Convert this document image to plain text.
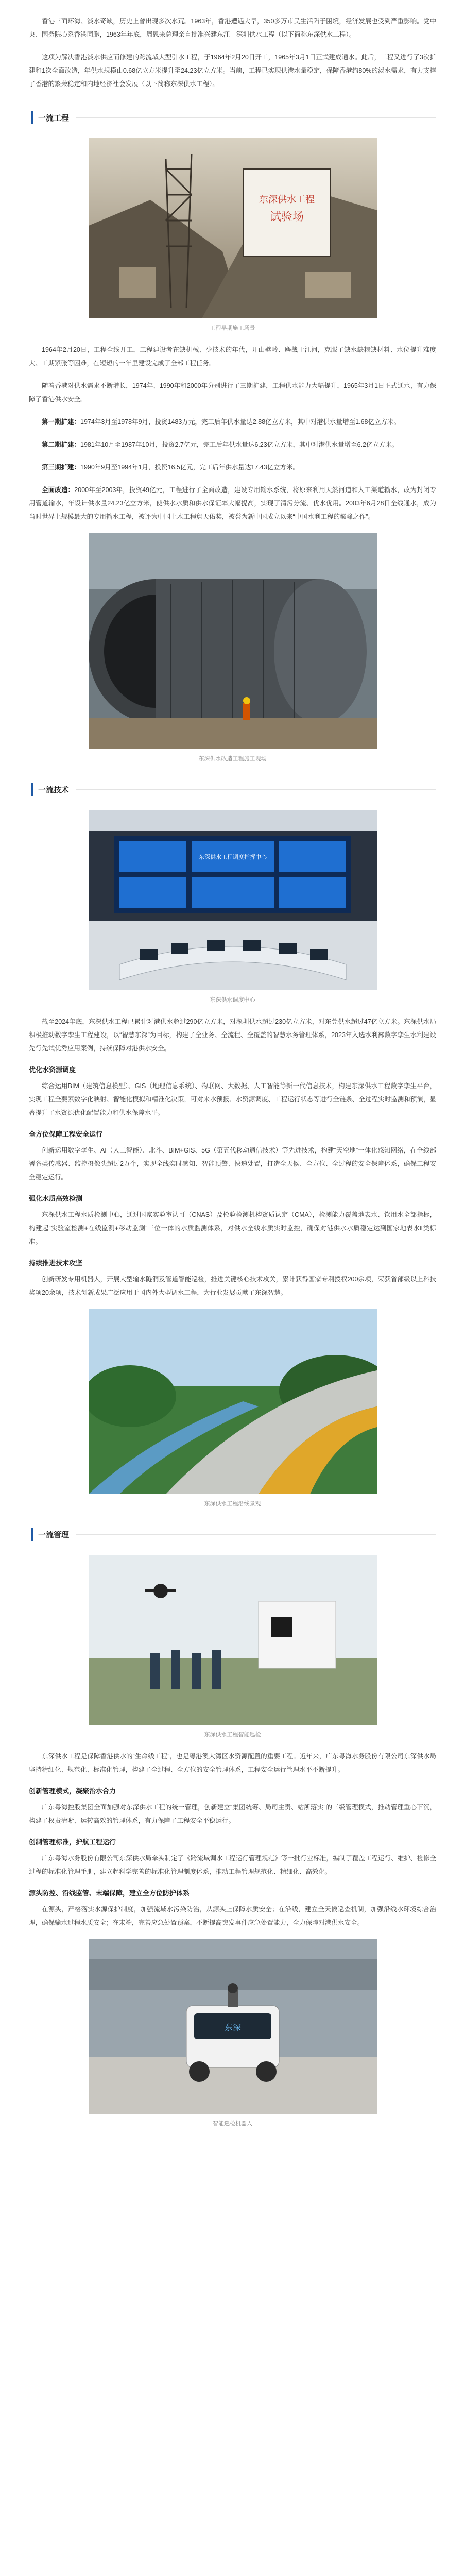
香港三面环海、淡水奇缺，历史上曾出现多次水荒。1963年，香港遭遇大旱，350多万市民生活陷于困境，经济发展也受到严重影响。党中央、国务院心系香港同胞，1963年年底，周恩来总理亲自批准兴建东江—深圳供水工程（以下简称东深供水工程）。

这项为解决香港淡水供应而修建的跨流域大型引水工程，于1964年2月20日开工，1965年3月1日正式建成通水。此后，工程又进行了3次扩建和1次全面改造，年供水规模由0.68亿立方米提升至24.23亿立方米。当前，工程已实现供港水量稳定，保障香港约80%的淡水需求，有力支撑了香港的繁荣稳定和内地经济社会发展（以下简称东深供水工程）。

一流工程
东深供水工程
试验场
工程早期施工场景

1964年2月20日，工程全线开工，工程建设者在缺机械、少技术的年代，开山劈岭、鏖战于江河，克服了缺水缺粮缺材料、水位提升难度大、工期紧张等困难，在短短的一年里建设完成了全部工程任务。

随着香港对供水需求不断增长，1974年、1990年和2000年分别进行了三期扩建，工程供水能力大幅提升，1965年3月1日正式通水，有力保障了香港供水安全。

第一期扩建：1974年3月至1978年9月，投资1483万元，完工后年供水量达2.88亿立方米，其中对港供水量增至1.68亿立方米。

第二期扩建：1981年10月至1987年10月，投资2.7亿元，完工后年供水量达6.23亿立方米，其中对港供水量增至6.2亿立方米。

第三期扩建：1990年9月至1994年1月，投资16.5亿元，完工后年供水量达17.43亿立方米。

全面改造：2000年至2003年，投资49亿元，工程进行了全面改造，建设专用输水系统，将原来利用天然河道和人工渠道输水，改为封闭专用管道输水，年设计供水量24.23亿立方米，使供水水质和供水保证率大幅提高，实现了清污分流、优水优用。2003年6月28日全线通水，成为当时世界上规模最大的专用输水工程，被评为中国土木工程詹天佑奖，被誉为新中国成立以来“中国水利工程的巅峰之作”。

东深供水改造工程施工现场
一流技术
东深供水工程调度指挥中心
东深供水调度中心

截至2024年底，东深供水工程已累计对港供水超过290亿立方米，对深圳供水超过230亿立方米，对东莞供水超过47亿立方米。东深供水局积极推动数字孪生工程建设，以“智慧东深”为目标，构建了全业务、全流程、全覆盖的智慧水务管理体系，2023年入选水利部数字孪生水利建设先行先试优秀应用案例，持续保障对港供水安全。

优化水资源调度

综合运用BIM（建筑信息模型）、GIS（地理信息系统）、物联网、大数据、人工智能等新一代信息技术，构建东深供水工程数字孪生平台，实现工程全要素数字化映射、智能化模拟和精准化决策，可对来水预报、水资源调度、工程运行状态等进行全链条、全过程实时监测和预演，显著提升了水资源优化配置能力和供水保障水平。

全方位保障工程安全运行

创新运用数字孪生、AI（人工智能）、北斗、BIM+GIS、5G（第五代移动通信技术）等先进技术，构建“天空地”一体化感知网络，在全线部署各类传感器、监控摄像头超过2万个，实现全线实时感知、智能预警、快速处置，打造全天候、全方位、全过程的安全保障体系，确保工程安全稳定运行。

强化水质高效检测

东深供水工程水质检测中心，通过国家实验室认可（CNAS）及检验检测机构资质认定（CMA），检测能力覆盖地表水、饮用水全部指标，构建起“实验室检测+在线监测+移动监测”三位一体的水质监测体系，对供水全线水质实时监控，确保对港供水水质稳定达到国家地表水Ⅱ类标准。

持续推进技术攻坚

创新研发专用机器人，开展大型输水隧洞及管道智能巡检，推进关键核心技术攻关，累计获得国家专利授权200余项，荣获省部级以上科技奖项20余项，技术创新成果广泛应用于国内外大型调水工程，为行业发展贡献了东深智慧。

东深供水工程沿线景观
一流管理
东深供水工程智能巡检

东深供水工程是保障香港供水的“生命线工程”，也是粤港澳大湾区水资源配置的重要工程。近年来，广东粤海水务股份有限公司东深供水局坚持精细化、规范化、标准化管理，构建了全过程、全方位的安全管理体系，工程安全运行管理水平不断提升。

创新管理模式，凝聚治水合力

广东粤海控股集团全面加强对东深供水工程的统一管理，创新建立“集团统筹、局司主责、站所落实”的三级管理模式，推动管理重心下沉，构建了权责清晰、运转高效的管理体系，有力保障了工程安全平稳运行。

创制管理标准，护航工程运行

广东粤海水务股份有限公司东深供水局牵头制定了《跨流域调水工程运行管理规范》等一批行业标准，编制了覆盖工程运行、维护、检修全过程的标准化管理手册，建立起科学完善的标准化管理制度体系，推动工程管理规范化、精细化、高效化。

源头防控、沿线监管、末端保障，建立全方位防护体系

在源头，严格落实水源保护制度，加强流域水污染防治，从源头上保障水质安全；在沿线，建立全天候巡查机制，加强沿线水环境综合治理，确保输水过程水质安全；在末端，完善应急处置预案，不断提高突发事件应急处置能力，全力保障对港供水安全。

东深
智能巡检机器人
